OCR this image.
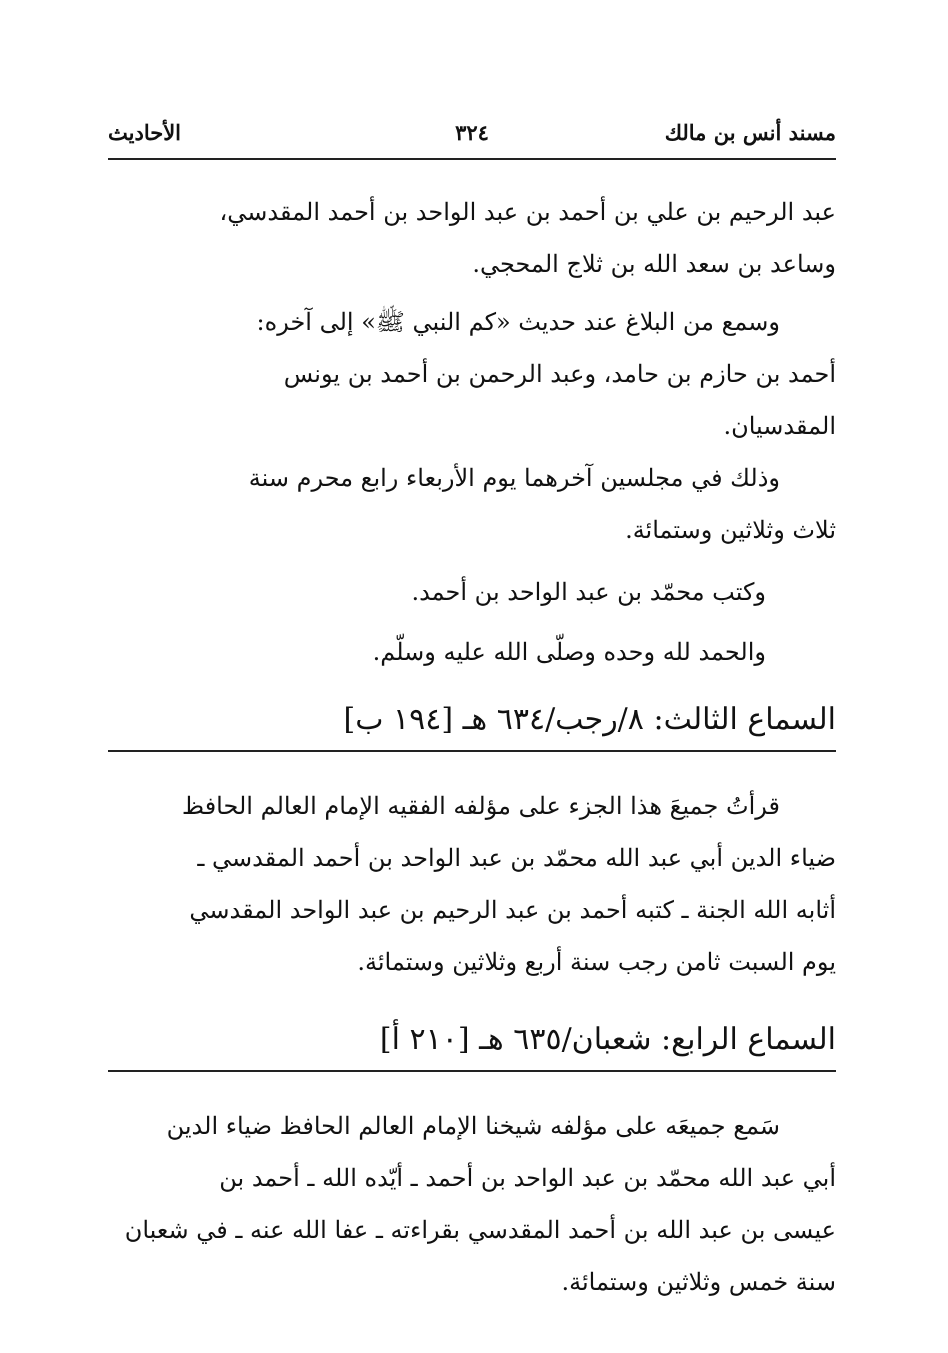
مسند أنس بن مالك
٣٢٤
الأحاديث

عبد الرحيم بن علي بن أحمد بن عبد الواحد بن أحمد المقدسي،

وساعد بن سعد الله بن ثلاج المحجي.

وسمع من البلاغ عند حديث «كم النبي ﷺ» إلى آخره:

أحمد بن حازم بن حامد، وعبد الرحمن بن أحمد بن يونس

المقدسيان.

وذلك في مجلسين آخرهما يوم الأربعاء رابع محرم سنة

ثلاث وثلاثين وستمائة.

وكتب محمّد بن عبد الواحد بن أحمد.

والحمد لله وحده وصلّى الله عليه وسلّم.

السماع الثالث: ٨/رجب/٦٣٤ هـ [١٩٤ ب]

قرأتُ جميعَ هذا الجزء على مؤلفه الفقيه الإمام العالم الحافظ

ضياء الدين أبي عبد الله محمّد بن عبد الواحد بن أحمد المقدسي ـ

أثابه الله الجنة ـ كتبه أحمد بن عبد الرحيم بن عبد الواحد المقدسي

يوم السبت ثامن رجب سنة أربع وثلاثين وستمائة.

السماع الرابع: شعبان/٦٣٥ هـ [٢١٠ أ]

سَمع جميعَه على مؤلفه شيخنا الإمام العالم الحافظ ضياء الدين

أبي عبد الله محمّد بن عبد الواحد بن أحمد ـ أيّده الله ـ أحمد بن

عيسى بن عبد الله بن أحمد المقدسي بقراءته ـ عفا الله عنه ـ في شعبان

سنة خمس وثلاثين وستمائة.
